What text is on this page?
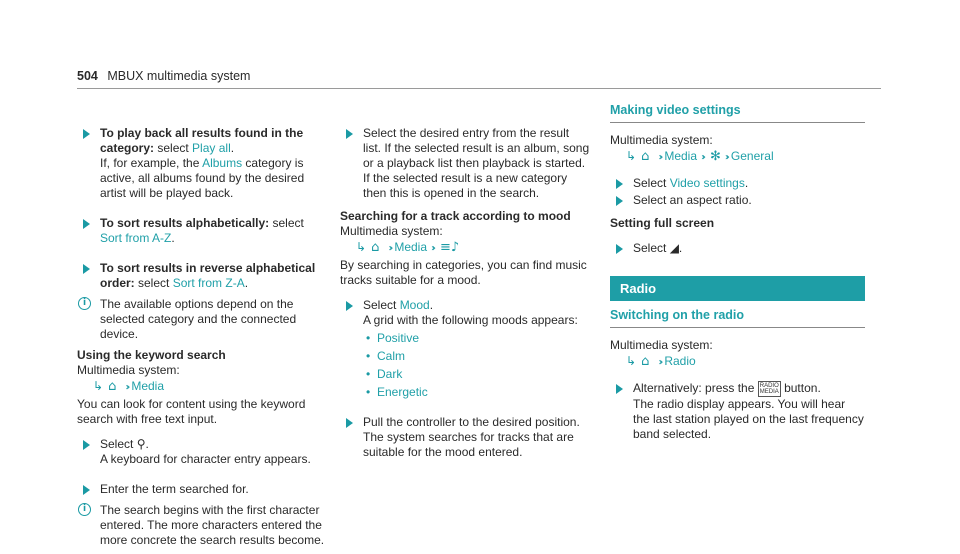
504 MBUX multimedia system
To play back all results found in the category: select Play all.
If, for example, the Albums category is active, all albums found by the desired artist will be played back.
To sort results alphabetically: select Sort from A-Z.
To sort results in reverse alphabetical order: select Sort from Z-A.
i	The available options depend on the selected category and the connected device.
Using the keyword search
Multimedia system:
↳ ⌂ ›› Media
You can look for content using the keyword search with free text input.
Select ⚲.
A keyboard for character entry appears.
Enter the term searched for.
i	The search begins with the first character entered. The more characters entered the more concrete the search results become.
Select the desired entry from the result list. If the selected result is an album, song or a playback list then playback is started. If the selected result is a new category then this is opened in the search.
Searching for a track according to mood
Multimedia system:
↳ ⌂ ›› Media ›› ≡♪
By searching in categories, you can find music tracks suitable for a mood.
Select Mood.
A grid with the following moods appears:
• Positive
• Calm
• Dark
• Energetic
Pull the controller to the desired position. The system searches for tracks that are suitable for the mood entered.
Making video settings
Multimedia system:
↳ ⌂ ›› Media ›› ✻ ›› General
Select Video settings.
Select an aspect ratio.
Setting full screen
Select ◢.
Radio
Switching on the radio
Multimedia system:
↳ ⌂ ›› Radio
Alternatively: press the RADIO
MEDIA button.
The radio display appears. You will hear the last station played on the last frequency band selected.
